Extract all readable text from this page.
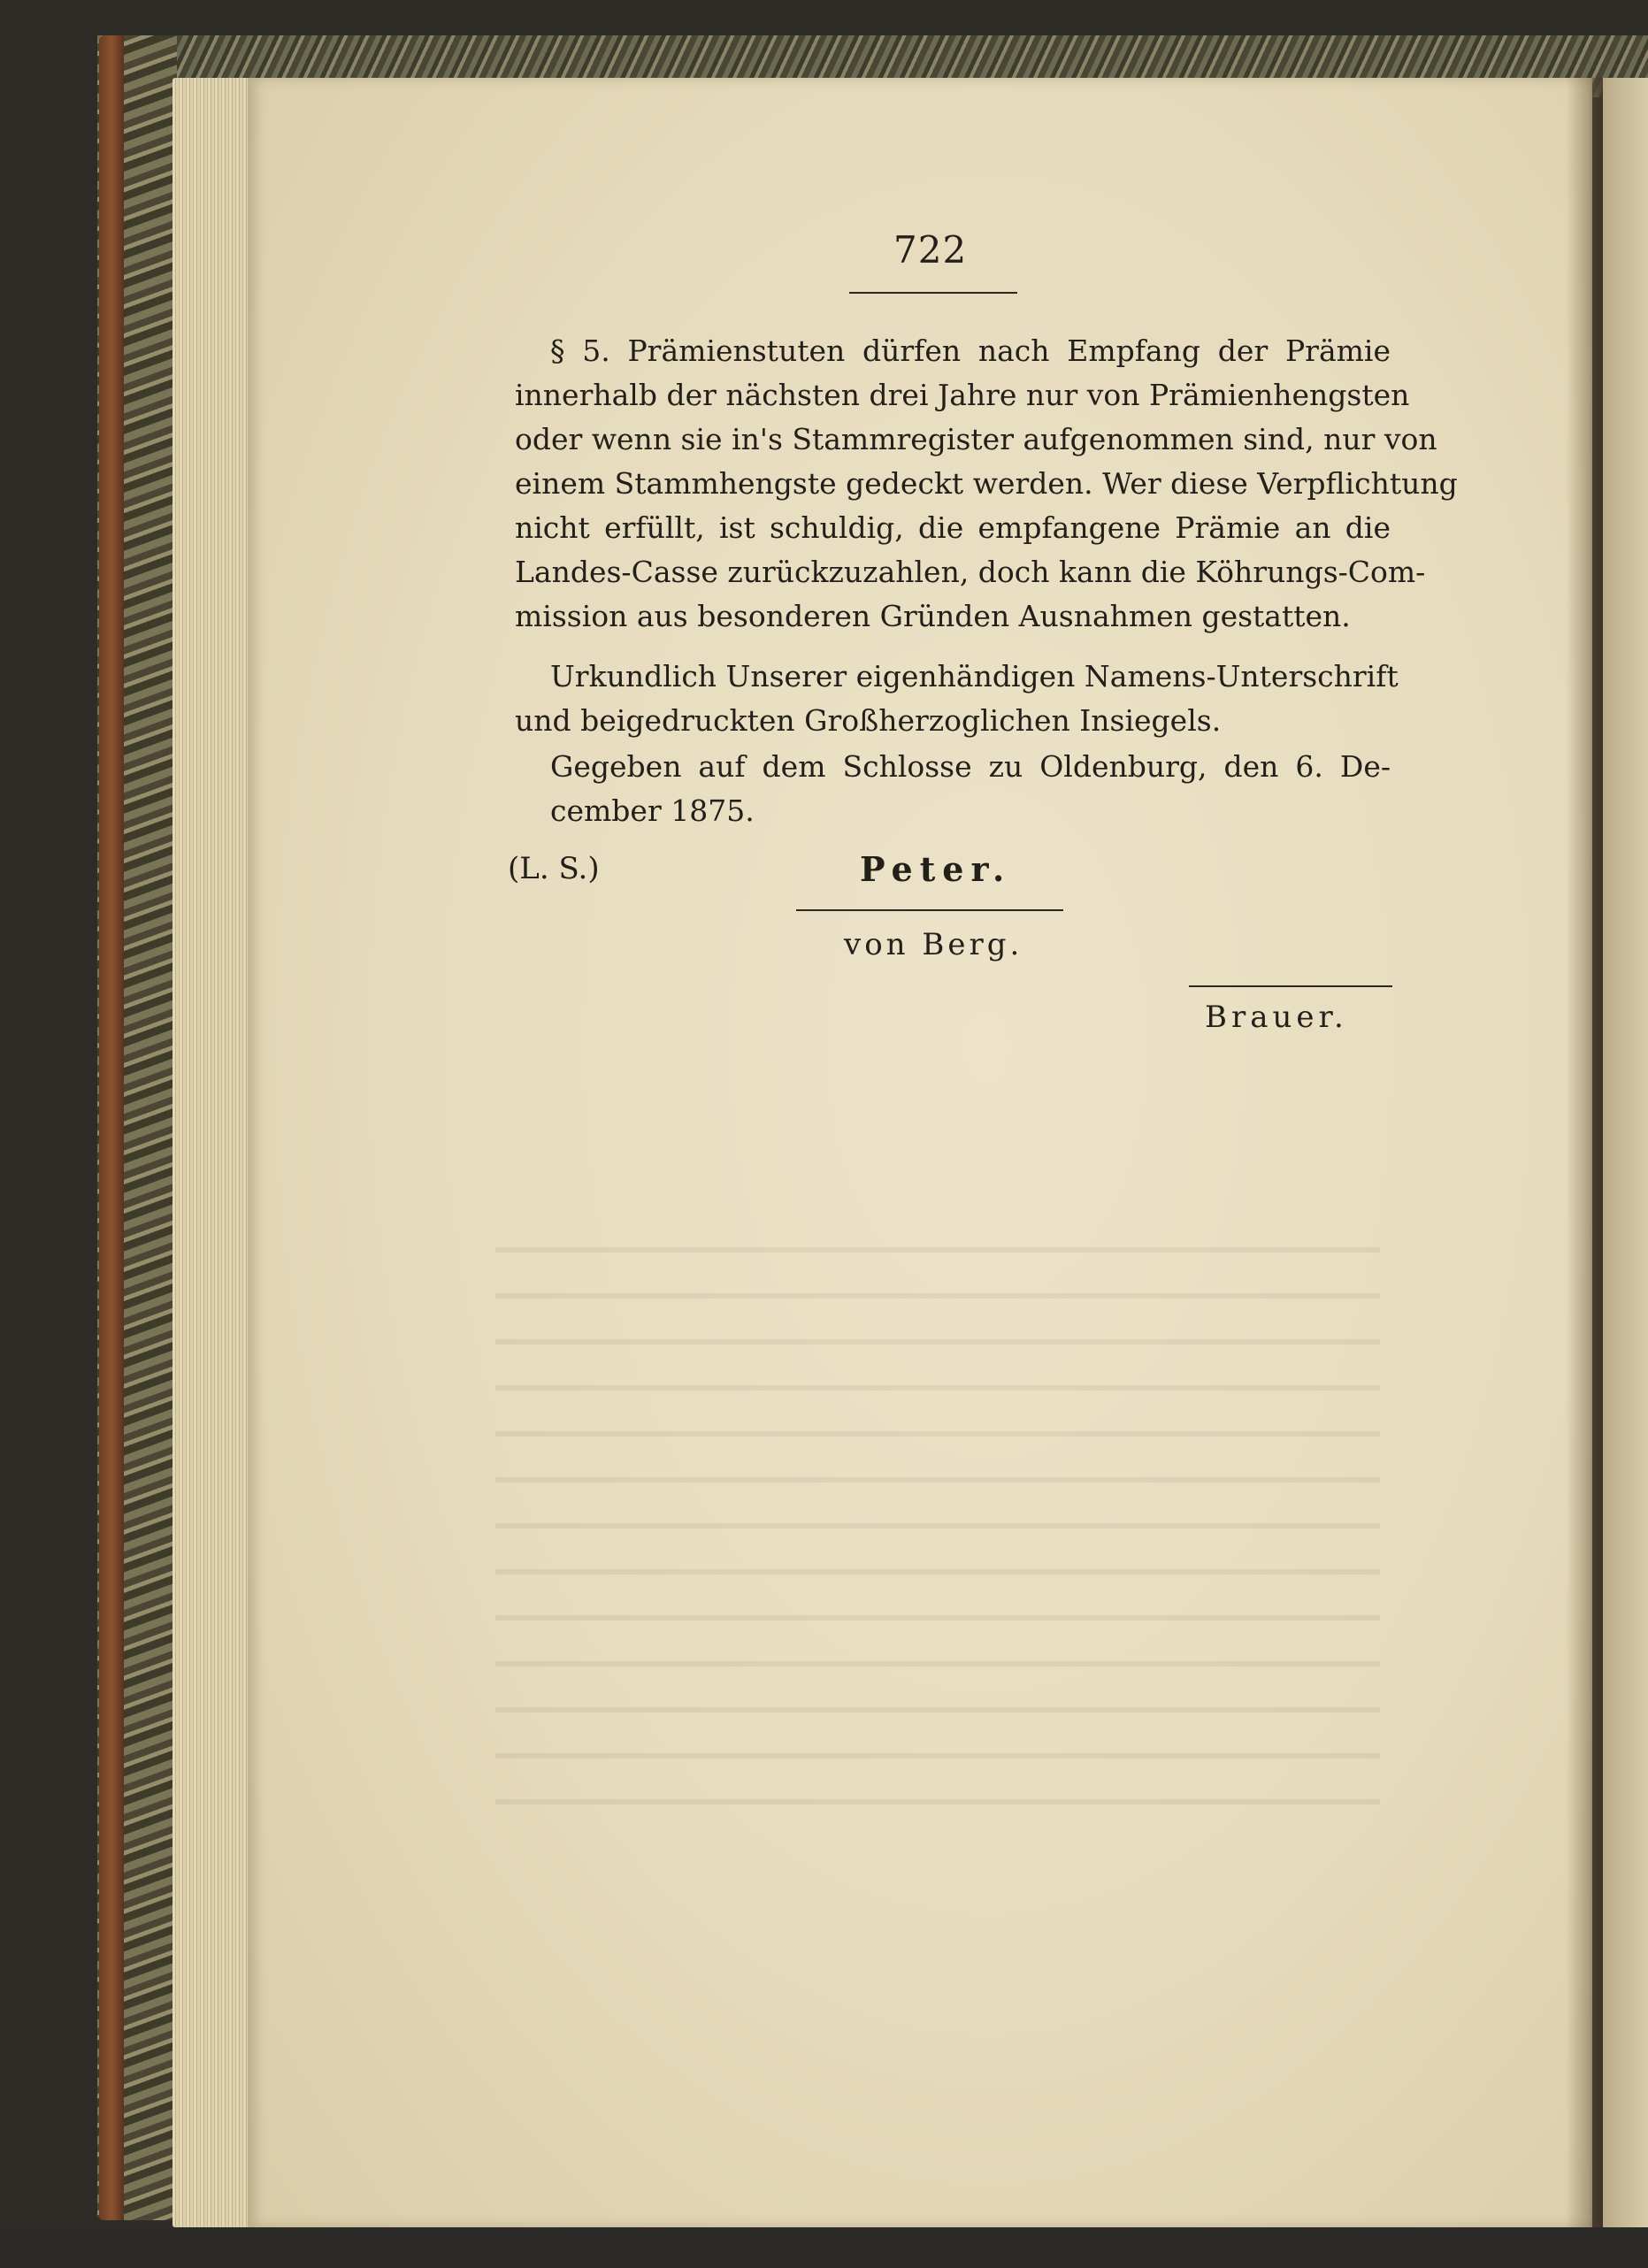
722
§ 5. Prämienstuten dürfen nach Empfang der Prämie
innerhalb der nächsten drei Jahre nur von Prämienhengsten
oder wenn sie in's Stammregister aufgenommen sind, nur von
einem Stammhengste gedeckt werden. Wer diese Verpflichtung
nicht erfüllt, ist schuldig, die empfangene Prämie an die
Landes-Casse zurückzuzahlen, doch kann die Köhrungs-Com-
mission aus besonderen Gründen Ausnahmen gestatten.
Urkundlich Unserer eigenhändigen Namens-Unterschrift
und beigedruckten Großherzoglichen Insiegels.
Gegeben auf dem Schlosse zu Oldenburg, den 6. De-
cember 1875.
(L. S.)	Peter.
von Berg.
Brauer.
